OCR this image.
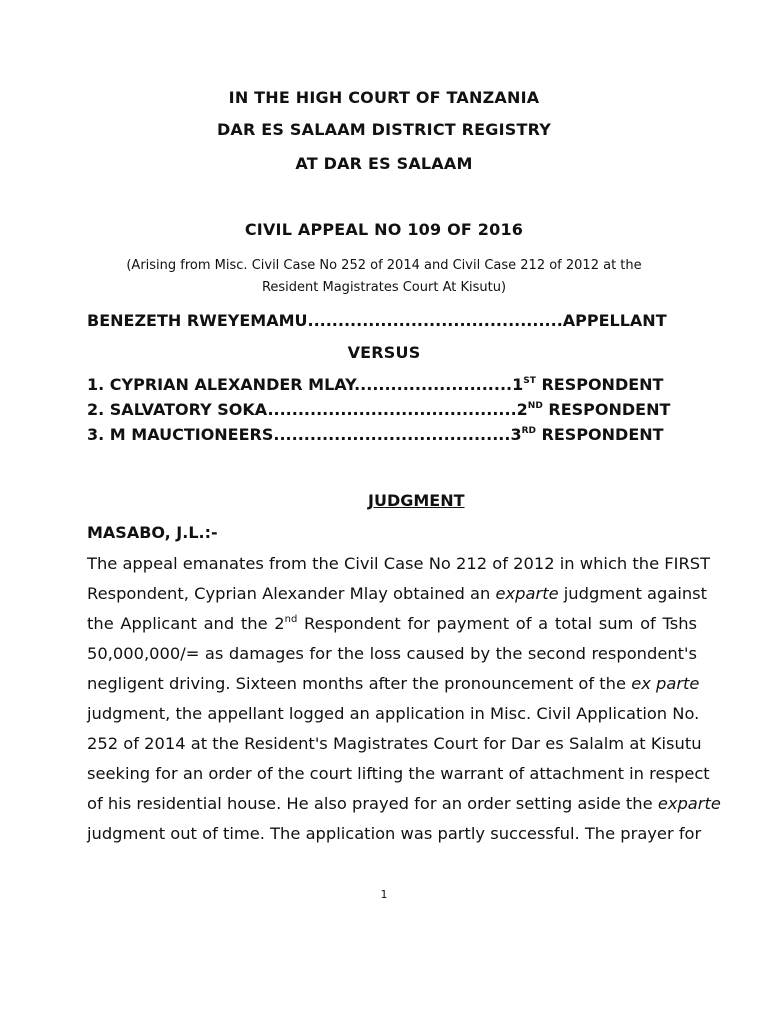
IN THE HIGH COURT OF TANZANIA
DAR ES SALAAM DISTRICT REGISTRY
AT DAR ES SALAAM
CIVIL APPEAL NO 109 OF 2016
(Arising from Misc. Civil Case No 252 of 2014 and Civil Case 212 of 2012 at the
Resident Magistrates Court At Kisutu)
BENEZETH RWEYEMAMU..........................................APPELLANT
VERSUS
1. CYPRIAN ALEXANDER MLAY..........................1ST RESPONDENT
2. SALVATORY SOKA.........................................2ND RESPONDENT
3. M MAUCTIONEERS.......................................3RD RESPONDENT
JUDGMENT
MASABO, J.L.:-
The appeal emanates from the Civil Case No 212 of 2012 in which the FIRST
Respondent, Cyprian Alexander Mlay obtained an exparte judgment against
the Applicant and the 2nd Respondent for payment of a total sum of Tshs
50,000,000/= as damages for the loss caused by the second respondent's
negligent driving. Sixteen months after the pronouncement of the ex parte
judgment, the appellant logged an application in Misc. Civil Application No.
252 of 2014 at the Resident's Magistrates Court for Dar es Salalm at Kisutu
seeking for an order of the court lifting the warrant of attachment in respect
of his residential house. He also prayed for an order setting aside the exparte
judgment out of time. The application was partly successful. The prayer for
1
